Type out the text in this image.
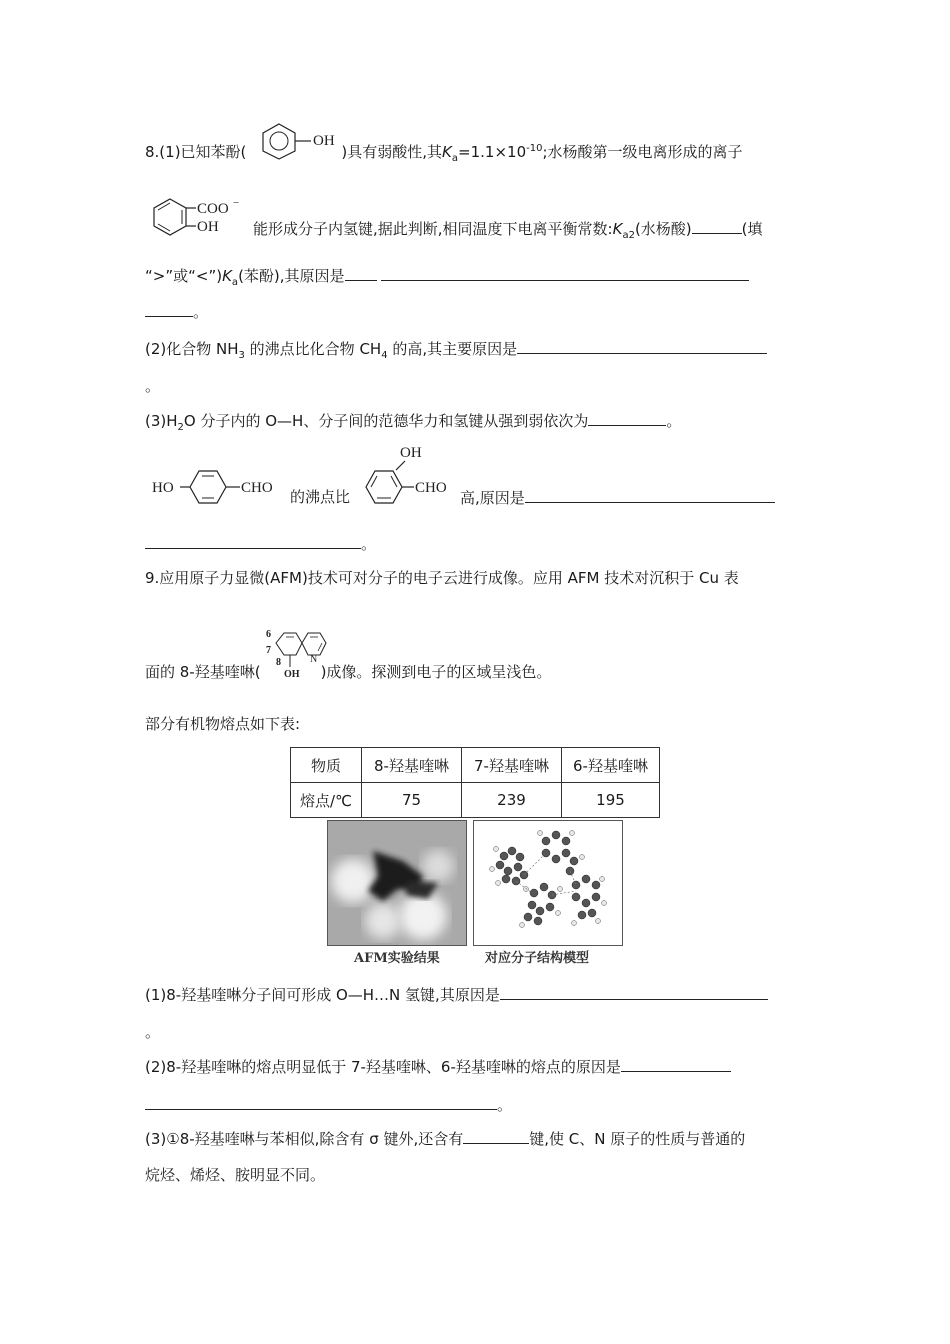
8.(1)已知苯酚(	)具有弱酸性,其$K_a=1.1\times 10^{-10}$;水杨酸第一级电离形成的离子
OH
COO −
OH 能形成分子内氢键,据此判断,相同温度下电离平衡常数$:K_{a2}$(水杨酸)	(填
“>”或“$<”)K_a$(苯酚),其原因是
。
(2)化合物 $NH_3$ 的沸点比化合物 $CH_4$ 的高,其主要原因是
。
$(3)H_2O$ 分子内的 O—H、分子间的范德华力和氢键从强到弱依次为	。
HO	CHO 的沸点比
OH
CHO
高,原因是
。
9.应用原子力显微(AFM)技术可对分子的电子云进行成像。应用 AFM 技术对沉积于 Cu 表
6
7
8	N
OH
面的 8-羟基喹啉(	)成像。探测到电子的区域呈浅色。
部分有机物熔点如下表:
物质	8-羟基喹啉	7-羟基喹啉	6-羟基喹啉
熔点/℃	75	239	195
AFM实验结果	对应分子结构模型
(1)8-羟基喹啉分子间可形成 O—H…N 氢键,其原因是
。
(2)8-羟基喹啉的熔点明显低于 7-羟基喹啉、6-羟基喹啉的熔点的原因是
。
(3)①8-羟基喹啉与苯相似,除含有 σ 键外,还含有	键,使 C、N 原子的性质与普通的
烷烃、烯烃、胺明显不同。
